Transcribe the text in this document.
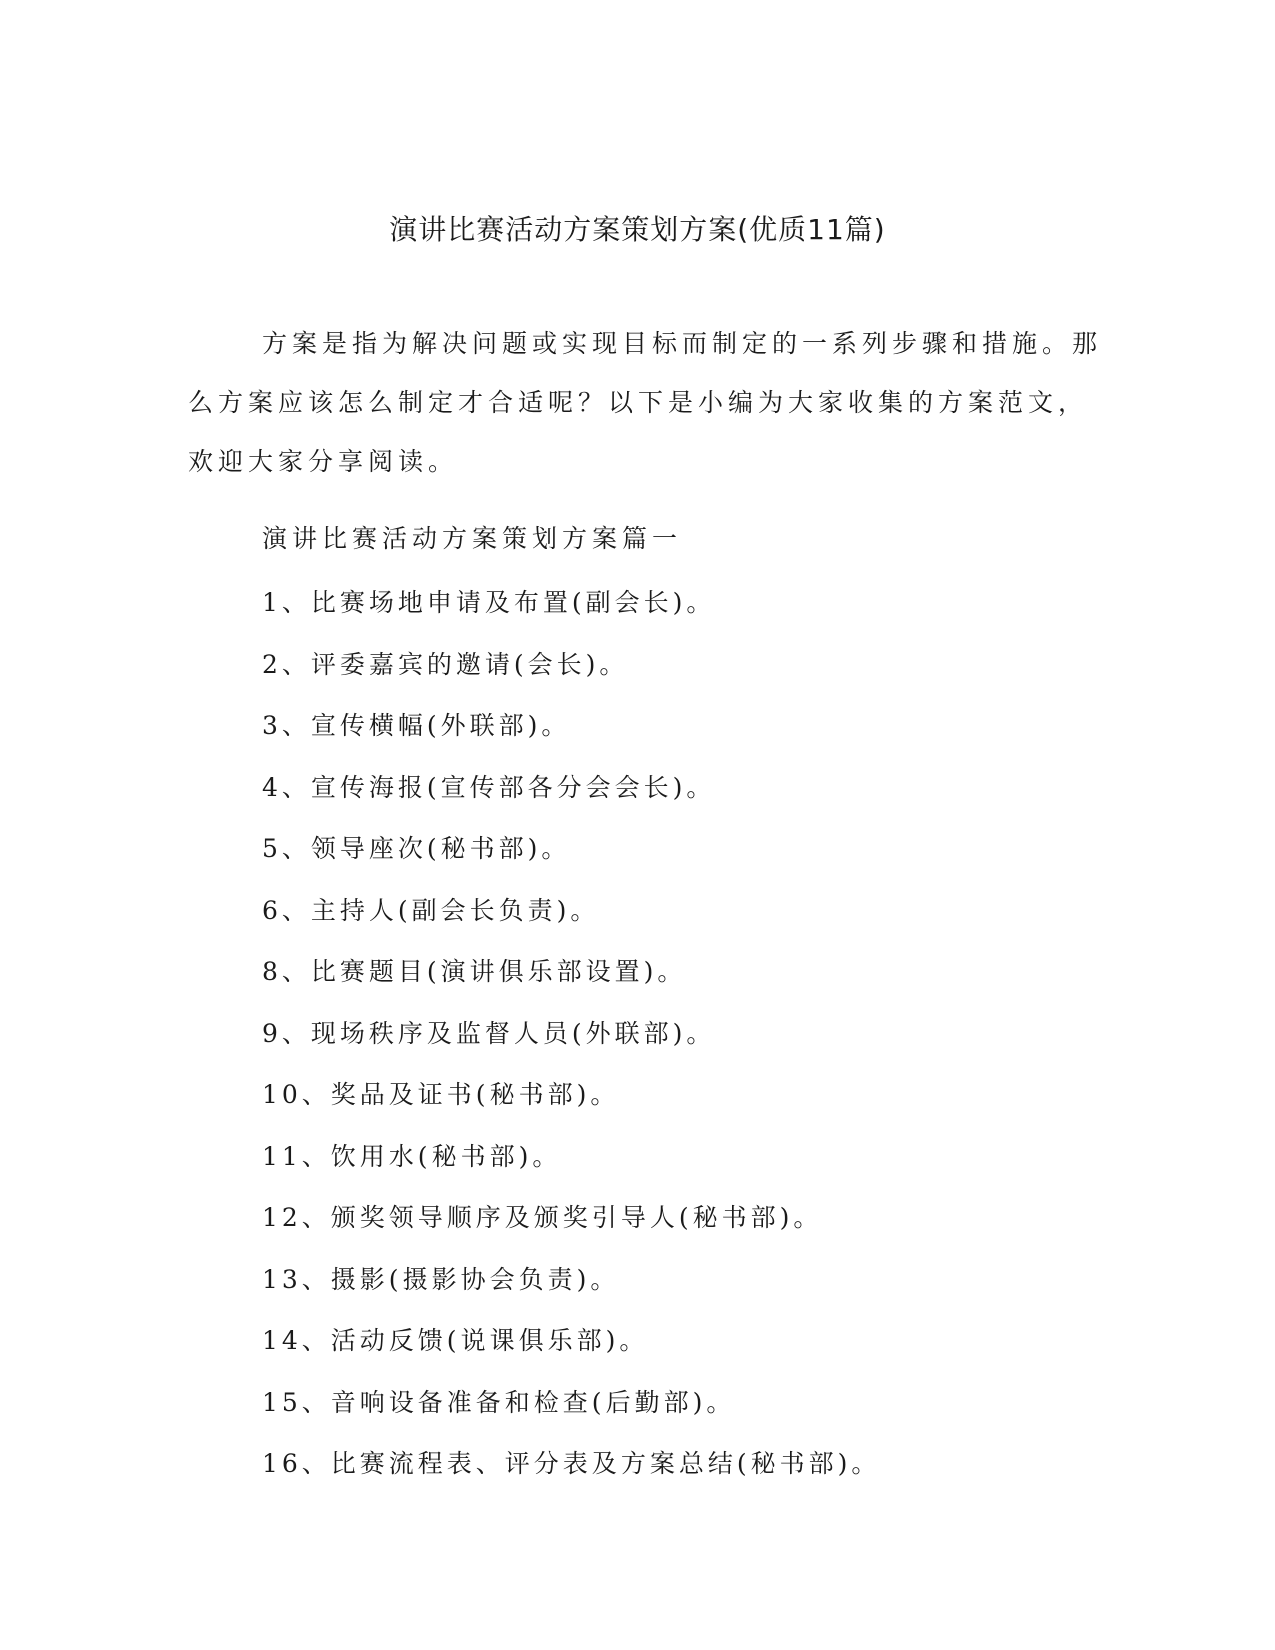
演讲比赛活动方案策划方案(优质11篇)
方案是指为解决问题或实现目标而制定的一系列步骤和措施。那
么方案应该怎么制定才合适呢？以下是小编为大家收集的方案范文，
欢迎大家分享阅读。
演讲比赛活动方案策划方案篇一
1、比赛场地申请及布置(副会长)。
2、评委嘉宾的邀请(会长)。
3、宣传横幅(外联部)。
4、宣传海报(宣传部各分会会长)。
5、领导座次(秘书部)。
6、主持人(副会长负责)。
8、比赛题目(演讲俱乐部设置)。
9、现场秩序及监督人员(外联部)。
10、奖品及证书(秘书部)。
11、饮用水(秘书部)。
12、颁奖领导顺序及颁奖引导人(秘书部)。
13、摄影(摄影协会负责)。
14、活动反馈(说课俱乐部)。
15、音响设备准备和检查(后勤部)。
16、比赛流程表、评分表及方案总结(秘书部)。
